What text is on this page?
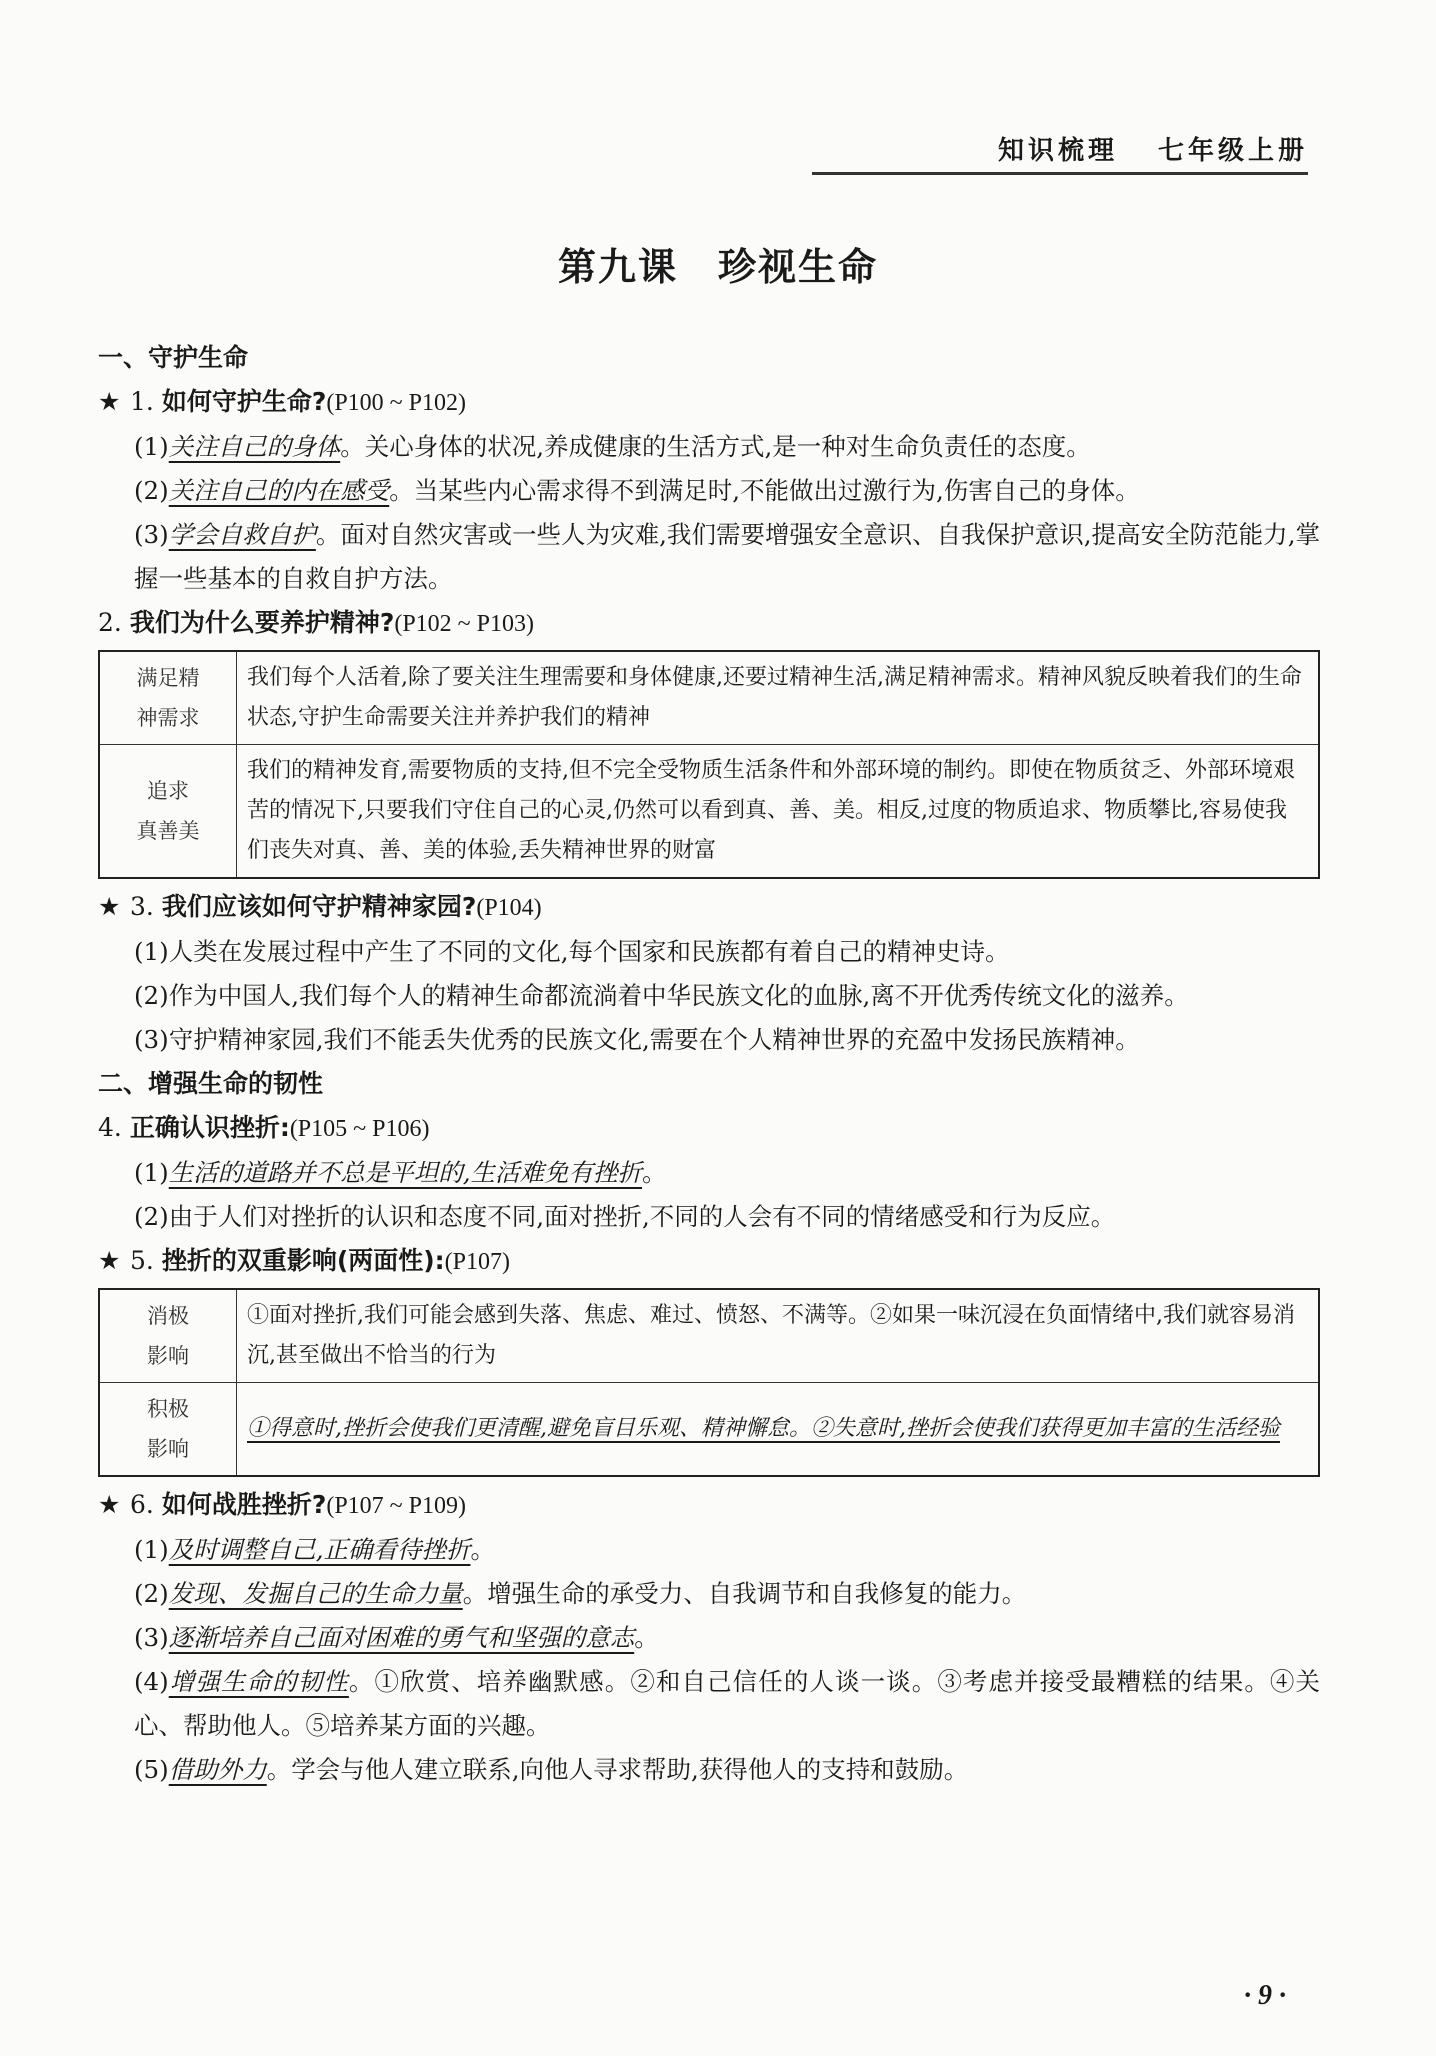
知识梳理 七年级上册
第九课 珍视生命
一、守护生命
★ 1. 如何守护生命?(P100 ~ P102)
(1)关注自己的身体。关心身体的状况,养成健康的生活方式,是一种对生命负责任的态度。
(2)关注自己的内在感受。当某些内心需求得不到满足时,不能做出过激行为,伤害自己的身体。
(3)学会自救自护。面对自然灾害或一些人为灾难,我们需要增强安全意识、自我保护意识,提高安全防范能力,掌握一些基本的自救自护方法。
2. 我们为什么要养护精神?(P102 ~ P103)
满足精
神需求	我们每个人活着,除了要关注生理需要和身体健康,还要过精神生活,满足精神需求。精神风貌反映着我们的生命状态,守护生命需要关注并养护我们的精神

追求
真善美	我们的精神发育,需要物质的支持,但不完全受物质生活条件和外部环境的制约。即使在物质贫乏、外部环境艰苦的情况下,只要我们守住自己的心灵,仍然可以看到真、善、美。相反,过度的物质追求、物质攀比,容易使我们丧失对真、善、美的体验,丢失精神世界的财富
★ 3. 我们应该如何守护精神家园?(P104)
(1)人类在发展过程中产生了不同的文化,每个国家和民族都有着自己的精神史诗。
(2)作为中国人,我们每个人的精神生命都流淌着中华民族文化的血脉,离不开优秀传统文化的滋养。
(3)守护精神家园,我们不能丢失优秀的民族文化,需要在个人精神世界的充盈中发扬民族精神。
二、增强生命的韧性
4. 正确认识挫折:(P105 ~ P106)
(1)生活的道路并不总是平坦的,生活难免有挫折。
(2)由于人们对挫折的认识和态度不同,面对挫折,不同的人会有不同的情绪感受和行为反应。
★ 5. 挫折的双重影响(两面性):(P107)
消极
影响	①面对挫折,我们可能会感到失落、焦虑、难过、愤怒、不满等。②如果一味沉浸在负面情绪中,我们就容易消沉,甚至做出不恰当的行为

积极
影响	①得意时,挫折会使我们更清醒,避免盲目乐观、精神懈怠。②失意时,挫折会使我们获得更加丰富的生活经验
★ 6. 如何战胜挫折?(P107 ~ P109)
(1)及时调整自己,正确看待挫折。
(2)发现、发掘自己的生命力量。增强生命的承受力、自我调节和自我修复的能力。
(3)逐渐培养自己面对困难的勇气和坚强的意志。
(4)增强生命的韧性。①欣赏、培养幽默感。②和自己信任的人谈一谈。③考虑并接受最糟糕的结果。④关心、帮助他人。⑤培养某方面的兴趣。
(5)借助外力。学会与他人建立联系,向他人寻求帮助,获得他人的支持和鼓励。
· 9 ·
